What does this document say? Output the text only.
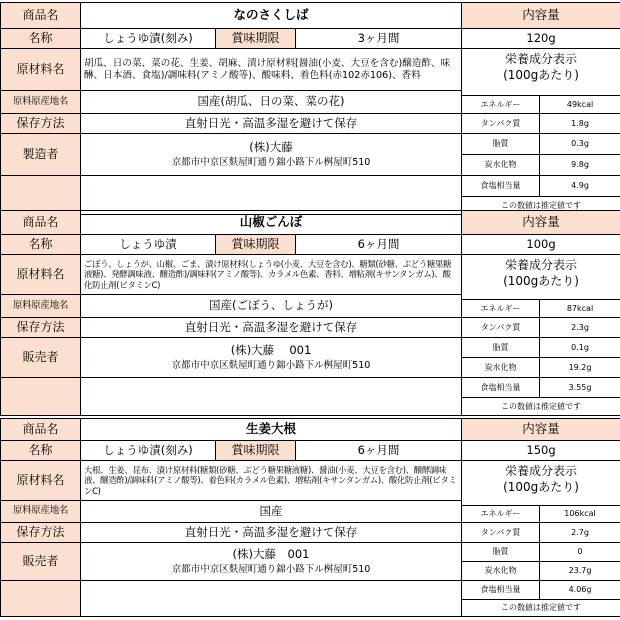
商品名	なのさくしば			内容量	
名称	しょうゆ漬(刻み)	賞味期限	3ヶ月間	120g	
原材料名	胡瓜、日の菜、菜の花、生姜、胡麻、漬け原材料[醤油(小麦、大豆を含む)醸造酢、味醂、日本酒、食塩)/調味料(アミノ酸等)、酸味料、着色料(赤102赤106)、香料			栄養成分表示
(100gあたり)	
原料原産地名	国産(胡瓜、日の菜、菜の花)				
				エネルギー	49kcal
保存方法	直射日光・高温多湿を避けて保存			タンパク質	1.8g
製造者	(株)大藤
京都市中京区麩屋町通り錦小路下ル桝屋町510			脂質	0.3g
				炭水化物	9.8g
				食塩相当量	4.9g
				この数値は推定値です	
商品名	山椒ごんぼ			内容量	
名称	しょうゆ漬	賞味期限	6ヶ月間	100g	
原材料名	ごぼう、しょうが、山椒、ごま、漬け原材料(しょうゆ(小麦、大豆を含む)、糖類(砂糖、ぶどう糖果糖液糖)、発酵調味液、醸造酢)/調味料(アミノ酸等)、カラメル色素、香料、増粘剤(キサンタンガム)、酸化防止剤(ビタミンC)			栄養成分表示
(100gあたり)	
原料原産地名	国産(ごぼう、しょうが)				
				エネルギー	87kcal
保存方法	直射日光・高温多湿を避けて保存			タンパク質	2.3g
販売者	(株)大藤　 001
京都市中京区麩屋町通り錦小路下ル桝屋町510			脂質	0.1g
				炭水化物	19.2g
				食塩相当量	3.55g
				この数値は推定値です	
商品名	生姜大根			内容量	
名称	しょうゆ漬(刻み)	賞味期限	6ヶ月間	150g	
原材料名	大根、生姜、昆布、漬け原材料(糖類(砂糖、ぶどう糖果糖液糖)、醤油(小麦、大豆を含む)、醸酵調味液、醸造酢)/調味料(アミノ酸等)、着色料(カラメル色素)、増粘剤(キサンタンガム)、酸化防止剤(ビタミンC)			栄養成分表示
(100gあたり)	
原料原産地名	国産				
				エネルギー	106kcal
保存方法	直射日光・高温多湿を避けて保存			タンパク質	2.7g
販売者	(株)大藤　001
京都市中京区麩屋町通り錦小路下ル桝屋町510			脂質	0
				炭水化物	23.7g
				食塩相当量	4.06g
				この数値は推定値です	
